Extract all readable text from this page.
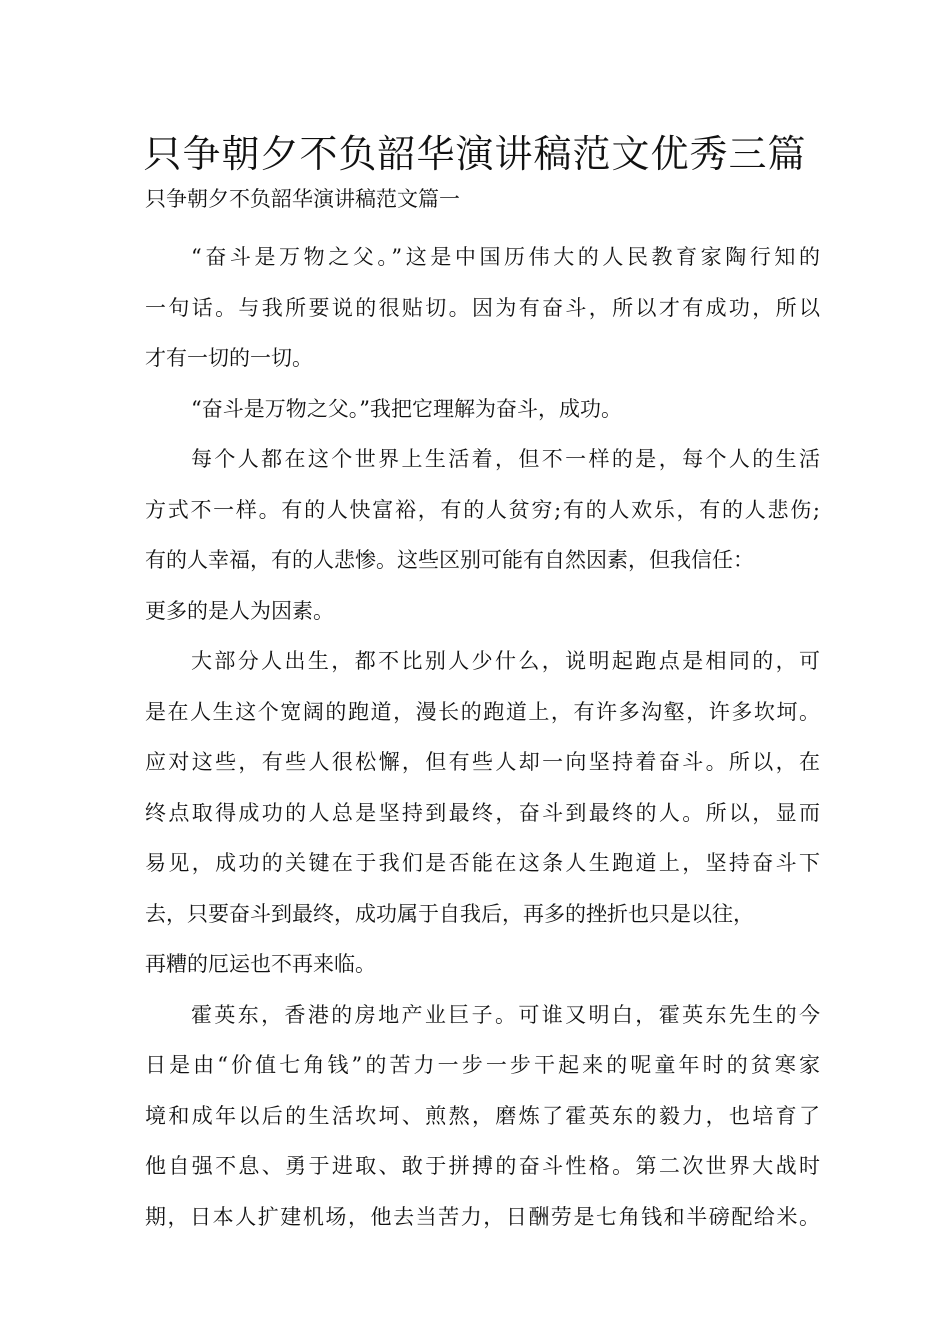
只争朝夕不负韶华演讲稿范文优秀三篇
只争朝夕不负韶华演讲稿范文篇一
“奋斗是万物之父。”这是中国历伟大的人民教育家陶行知的
一句话。与我所要说的很贴切。因为有奋斗，所以才有成功，所以
才有一切的一切。
“奋斗是万物之父。”我把它理解为奋斗，成功。
每个人都在这个世界上生活着，但不一样的是，每个人的生活
方式不一样。有的人快富裕，有的人贫穷;有的人欢乐，有的人悲伤;
有的人幸福，有的人悲惨。这些区别可能有自然因素，但我信任：
更多的是人为因素。
大部分人出生，都不比别人少什么，说明起跑点是相同的，可
是在人生这个宽阔的跑道，漫长的跑道上，有许多沟壑，许多坎坷。
应对这些，有些人很松懈，但有些人却一向坚持着奋斗。所以，在
终点取得成功的人总是坚持到最终，奋斗到最终的人。所以，显而
易见，成功的关键在于我们是否能在这条人生跑道上，坚持奋斗下
去，只要奋斗到最终，成功属于自我后，再多的挫折也只是以往，
再糟的厄运也不再来临。
霍英东，香港的房地产业巨子。可谁又明白，霍英东先生的今
日是由“价值七角钱”的苦力一步一步干起来的呢童年时的贫寒家
境和成年以后的生活坎坷、煎熬，磨炼了霍英东的毅力，也培育了
他自强不息、勇于进取、敢于拼搏的奋斗性格。第二次世界大战时
期，日本人扩建机场，他去当苦力，日酬劳是七角钱和半磅配给米。
